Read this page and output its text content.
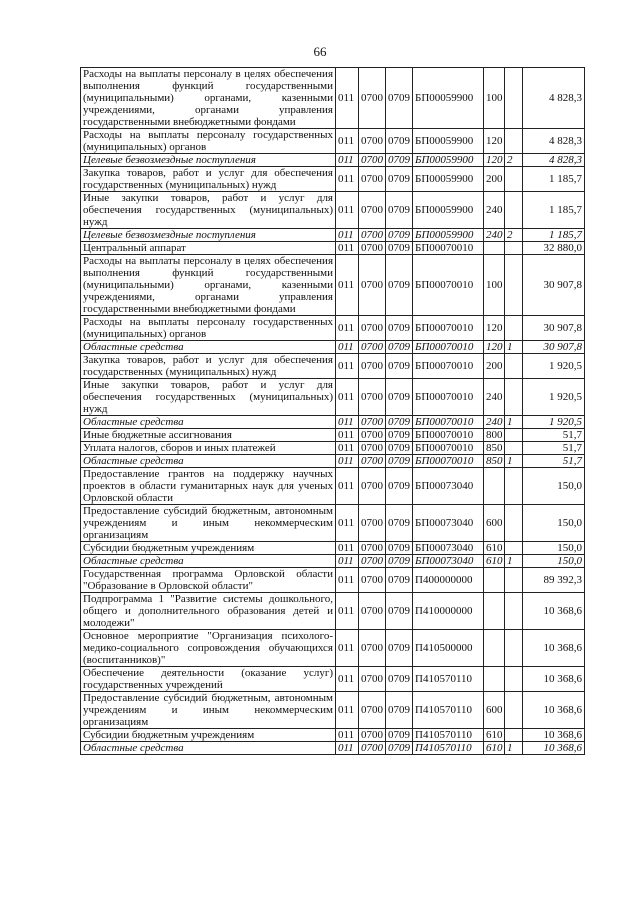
66
Расходы на выплаты персоналу в целях обеспечения выполнения функций государственными (муниципальными) органами, казенными учреждениями, органами управления государственными внебюджетными фондами	011	0700	0709	БП00059900	100		4 828,3
Расходы на выплаты персоналу государственных (муниципальных) органов	011	0700	0709	БП00059900	120		4 828,3
Целевые безвозмездные поступления	011	0700	0709	БП00059900	120	2	4 828,3
Закупка товаров, работ и услуг для обеспечения государственных (муниципальных) нужд	011	0700	0709	БП00059900	200		1 185,7
Иные закупки товаров, работ и услуг для обеспечения государственных (муниципальных) нужд	011	0700	0709	БП00059900	240		1 185,7
Целевые безвозмездные поступления	011	0700	0709	БП00059900	240	2	1 185,7
Центральный аппарат	011	0700	0709	БП00070010			32 880,0
Расходы на выплаты персоналу в целях обеспечения выполнения функций государственными (муниципальными) органами, казенными учреждениями, органами управления государственными внебюджетными фондами	011	0700	0709	БП00070010	100		30 907,8
Расходы на выплаты персоналу государственных (муниципальных) органов	011	0700	0709	БП00070010	120		30 907,8
Областные средства	011	0700	0709	БП00070010	120	1	30 907,8
Закупка товаров, работ и услуг для обеспечения государственных (муниципальных) нужд	011	0700	0709	БП00070010	200		1 920,5
Иные закупки товаров, работ и услуг для обеспечения государственных (муниципальных) нужд	011	0700	0709	БП00070010	240		1 920,5
Областные средства	011	0700	0709	БП00070010	240	1	1 920,5
Иные бюджетные ассигнования	011	0700	0709	БП00070010	800		51,7
Уплата налогов, сборов и иных платежей	011	0700	0709	БП00070010	850		51,7
Областные средства	011	0700	0709	БП00070010	850	1	51,7
Предоставление грантов на поддержку научных проектов в области гуманитарных наук для ученых Орловской области	011	0700	0709	БП00073040			150,0
Предоставление субсидий бюджетным, автономным учреждениям и иным некоммерческим организациям	011	0700	0709	БП00073040	600		150,0
Субсидии бюджетным учреждениям	011	0700	0709	БП00073040	610		150,0
Областные средства	011	0700	0709	БП00073040	610	1	150,0
Государственная программа Орловской области "Образование в Орловской области"	011	0700	0709	П400000000			89 392,3
Подпрограмма 1 "Развитие системы дошкольного, общего и дополнительного образования детей и молодежи"	011	0700	0709	П410000000			10 368,6
Основное мероприятие "Организация психолого-медико-социального сопровождения обучающихся (воспитанников)"	011	0700	0709	П410500000			10 368,6
Обеспечение деятельности (оказание услуг) государственных учреждений	011	0700	0709	П410570110			10 368,6
Предоставление субсидий бюджетным, автономным учреждениям и иным некоммерческим организациям	011	0700	0709	П410570110	600		10 368,6
Субсидии бюджетным учреждениям	011	0700	0709	П410570110	610		10 368,6
Областные средства	011	0700	0709	П410570110	610	1	10 368,6
